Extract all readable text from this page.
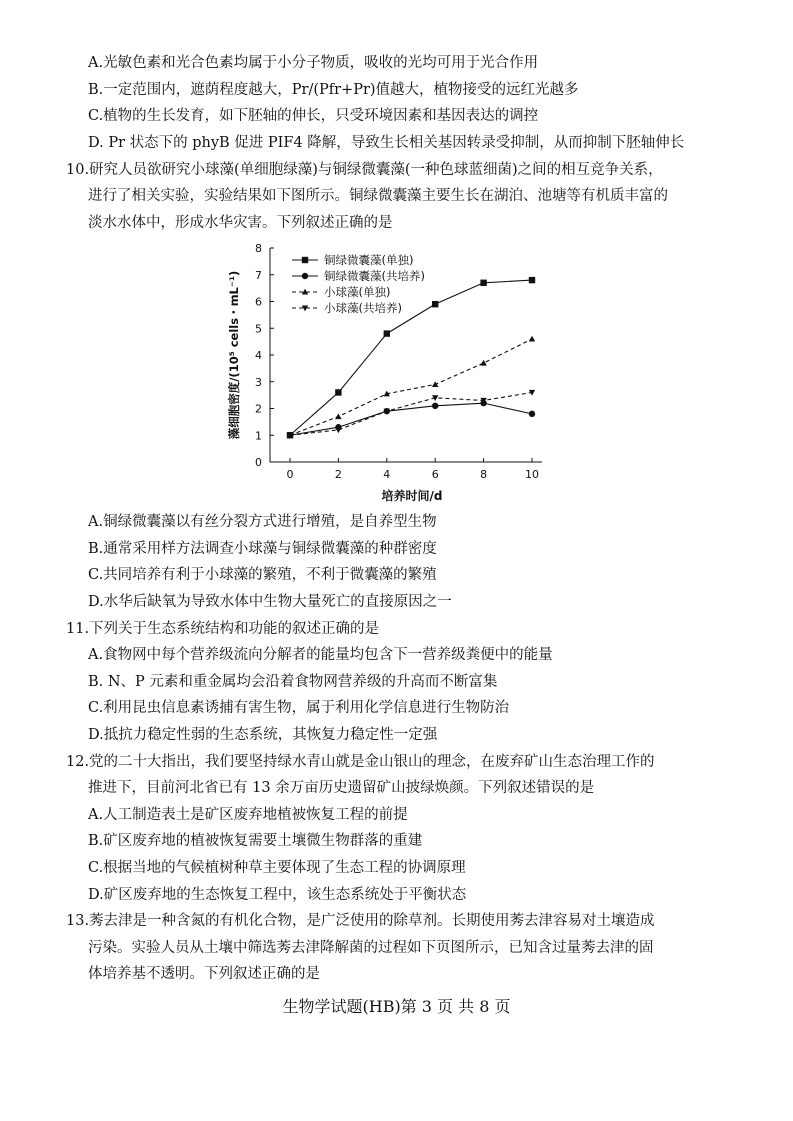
A.光敏色素和光合色素均属于小分子物质，吸收的光均可用于光合作用
B.一定范围内，遮荫程度越大，Pr/(Pfr+Pr)值越大，植物接受的远红光越多
C.植物的生长发育，如下胚轴的伸长，只受环境因素和基因表达的调控
D. Pr 状态下的 phyB 促进 PIF4 降解，导致生长相关基因转录受抑制，从而抑制下胚轴伸长
10.研究人员欲研究小球藻(单细胞绿藻)与铜绿微囊藻(一种色球蓝细菌)之间的相互竞争关系，
进行了相关实验，实验结果如下图所示。铜绿微囊藻主要生长在湖泊、池塘等有机质丰富的
淡水水体中，形成水华灾害。下列叙述正确的是
0
1
2
3
4
5
6
7
8
0	2	4	6	8	10
培养时间/d
藻细胞密度/(10⁵ cells・mL⁻¹)
铜绿微囊藻(单独)
铜绿微囊藻(共培养)
小球藻(单独)
小球藻(共培养)
A.铜绿微囊藻以有丝分裂方式进行增殖，是自养型生物
B.通常采用样方法调查小球藻与铜绿微囊藻的种群密度
C.共同培养有利于小球藻的繁殖，不利于微囊藻的繁殖
D.水华后缺氧为导致水体中生物大量死亡的直接原因之一
11.下列关于生态系统结构和功能的叙述正确的是
A.食物网中每个营养级流向分解者的能量均包含下一营养级粪便中的能量
B. N、P 元素和重金属均会沿着食物网营养级的升高而不断富集
C.利用昆虫信息素诱捕有害生物，属于利用化学信息进行生物防治
D.抵抗力稳定性弱的生态系统，其恢复力稳定性一定强
12.党的二十大指出，我们要坚持绿水青山就是金山银山的理念，在废弃矿山生态治理工作的
推进下，目前河北省已有 13 余万亩历史遗留矿山披绿焕颜。下列叙述错误的是
A.人工制造表土是矿区废弃地植被恢复工程的前提
B.矿区废弃地的植被恢复需要土壤微生物群落的重建
C.根据当地的气候植树种草主要体现了生态工程的协调原理
D.矿区废弃地的生态恢复工程中，该生态系统处于平衡状态
13.莠去津是一种含氮的有机化合物，是广泛使用的除草剂。长期使用莠去津容易对土壤造成
污染。实验人员从土壤中筛选莠去津降解菌的过程如下页图所示，已知含过量莠去津的固
体培养基不透明。下列叙述正确的是
生物学试题(HB)第 3 页 共 8 页
